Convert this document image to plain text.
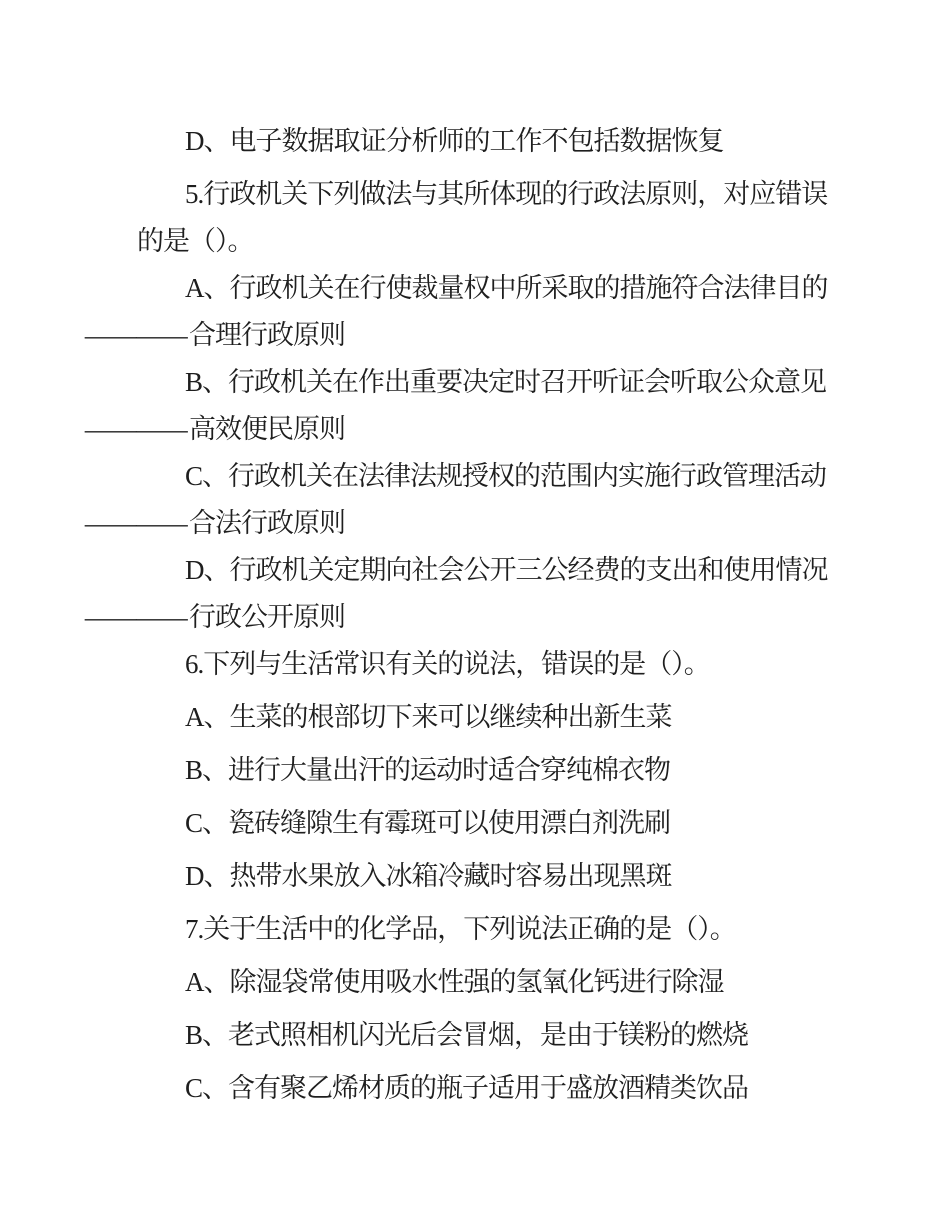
D、电子数据取证分析师的工作不包括数据恢复

5.行政机关下列做法与其所体现的行政法原则，对应错误

的是（）。

A、行政机关在行使裁量权中所采取的措施符合法律目的

——合理行政原则

B、行政机关在作出重要决定时召开听证会听取公众意见

——高效便民原则

C、行政机关在法律法规授权的范围内实施行政管理活动

——合法行政原则

D、行政机关定期向社会公开三公经费的支出和使用情况

——行政公开原则

6.下列与生活常识有关的说法，错误的是（）。

A、生菜的根部切下来可以继续种出新生菜

B、进行大量出汗的运动时适合穿纯棉衣物

C、瓷砖缝隙生有霉斑可以使用漂白剂洗刷

D、热带水果放入冰箱冷藏时容易出现黑斑

7.关于生活中的化学品，下列说法正确的是（）。

A、除湿袋常使用吸水性强的氢氧化钙进行除湿

B、老式照相机闪光后会冒烟，是由于镁粉的燃烧

C、含有聚乙烯材质的瓶子适用于盛放酒精类饮品
